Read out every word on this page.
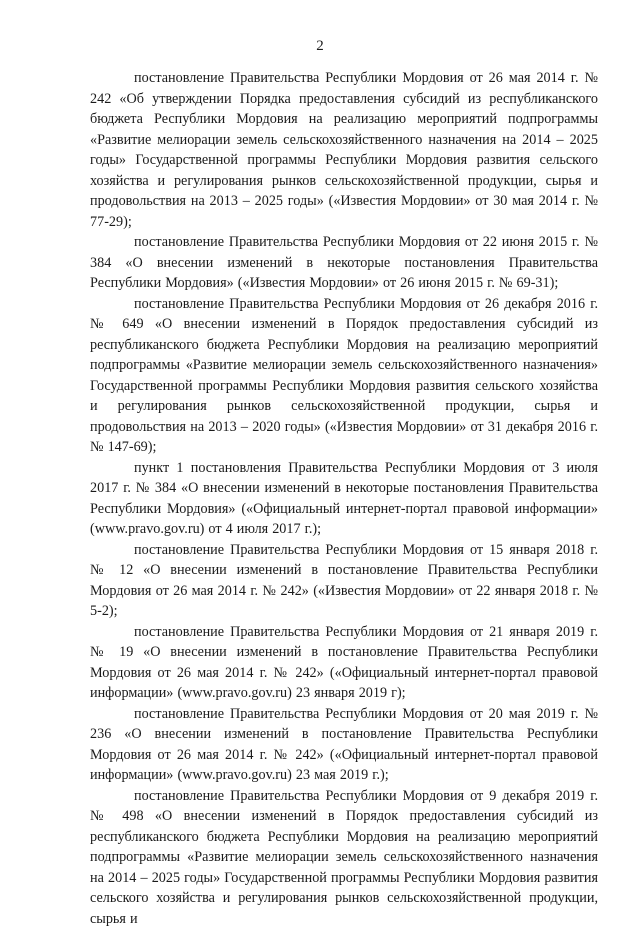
2

постановление Правительства Республики Мордовия от 26 мая 2014 г. № 242 «Об утверждении Порядка предоставления субсидий из республиканского бюджета Республики Мордовия на реализацию мероприятий подпрограммы «Развитие мелиорации земель сельскохозяйственного назначения на 2014 – 2025 годы» Государственной программы Республики Мордовия развития сельского хозяйства и регулирования рынков сельскохозяйственной продукции, сырья и продовольствия на 2013 – 2025 годы» («Известия Мордовии» от 30 мая 2014 г. № 77-29);

постановление Правительства Республики Мордовия от 22 июня 2015 г. № 384 «О внесении изменений в некоторые постановления Правительства Республики Мордовия» («Известия Мордовии» от 26 июня 2015 г. № 69-31);

постановление Правительства Республики Мордовия от 26 декабря 2016 г. № 649 «О внесении изменений в Порядок предоставления субсидий из республиканского бюджета Республики Мордовия на реализацию мероприятий подпрограммы «Развитие мелиорации земель сельскохозяйственного назначения» Государственной программы Республики Мордовия развития сельского хозяйства и регулирования рынков сельскохозяйственной продукции, сырья и продовольствия на 2013 – 2020 годы» («Известия Мордовии» от 31 декабря 2016 г. № 147-69);

пункт 1 постановления Правительства Республики Мордовия от 3 июля 2017 г. № 384 «О внесении изменений в некоторые постановления Правительства Республики Мордовия» («Официальный интернет-портал правовой информации» (www.pravo.gov.ru) от 4 июля 2017 г.);

постановление Правительства Республики Мордовия от 15 января 2018 г. № 12 «О внесении изменений в постановление Правительства Республики Мордовия от 26 мая 2014 г. № 242» («Известия Мордовии» от 22 января 2018 г. № 5-2);

постановление Правительства Республики Мордовия от 21 января 2019 г. № 19 «О внесении изменений в постановление Правительства Республики Мордовия от 26 мая 2014 г. № 242» («Официальный интернет-портал правовой информации» (www.pravo.gov.ru) 23 января 2019 г);

постановление Правительства Республики Мордовия от 20 мая 2019 г. № 236 «О внесении изменений в постановление Правительства Республики Мордовия от 26 мая 2014 г. № 242» («Официальный интернет-портал правовой информации» (www.pravo.gov.ru) 23 мая 2019 г.);

постановление Правительства Республики Мордовия от 9 декабря 2019 г. № 498 «О внесении изменений в Порядок предоставления субсидий из республиканского бюджета Республики Мордовия на реализацию мероприятий подпрограммы «Развитие мелиорации земель сельскохозяйственного назначения на 2014 – 2025 годы» Государственной программы Республики Мордовия развития сельского хозяйства и регулирования рынков сельскохозяйственной продукции, сырья и
